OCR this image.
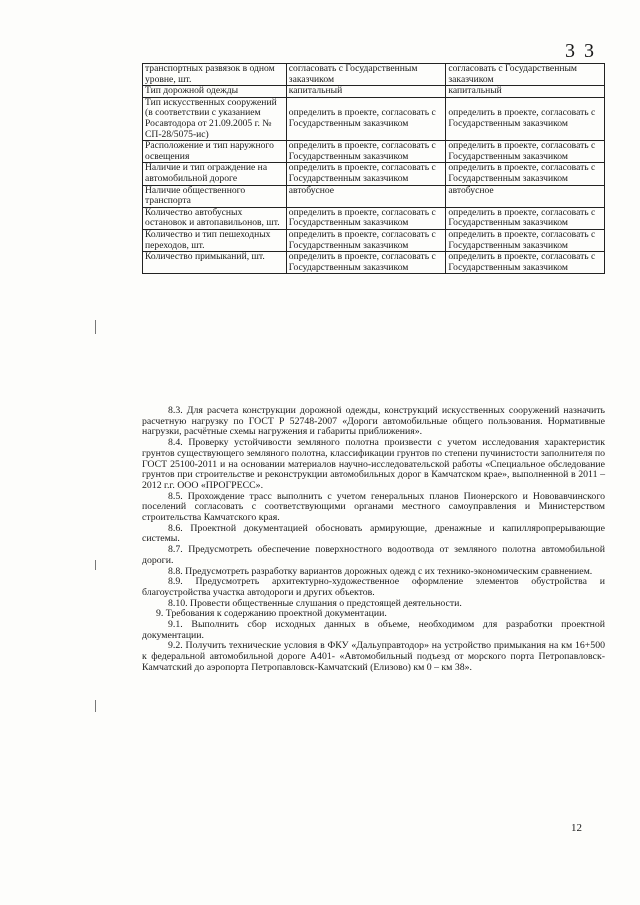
3 3
транспортных развязок в одном уровне, шт.	согласовать с Государственным заказчиком	согласовать с Государственным заказчиком
Тип дорожной одежды	капитальный	капитальный
Тип искусственных сооружений (в соответствии с указанием Росавтодора от 21.09.2005 г. № СП-28/5075-ис)	определить в проекте, согласовать с Государственным заказчиком	определить в проекте, согласовать с Государственным заказчиком
Расположение и тип наружного освещения	определить в проекте, согласовать с Государственным заказчиком	определить в проекте, согласовать с Государственным заказчиком
Наличие и тип ограждение на автомобильной дороге	определить в проекте, согласовать с Государственным заказчиком	определить в проекте, согласовать с Государственным заказчиком
Наличие общественного транспорта	автобусное	автобусное
Количество автобусных остановок и автопавильонов, шт.	определить в проекте, согласовать с Государственным заказчиком	определить в проекте, согласовать с Государственным заказчиком
Количество и тип пешеходных переходов, шт.	определить в проекте, согласовать с Государственным заказчиком	определить в проекте, согласовать с Государственным заказчиком
Количество примыканий, шт.	определить в проекте, согласовать с Государственным заказчиком	определить в проекте, согласовать с Государственным заказчиком

8.3. Для расчета конструкции дорожной одежды, конструкций искусственных сооружений назначить расчетную нагрузку по ГОСТ Р 52748-2007 «Дороги автомобильные общего пользования. Нормативные нагрузки, расчётные схемы нагружения и габариты приближения».

8.4. Проверку устойчивости земляного полотна произвести с учетом исследования характеристик грунтов существующего земляного полотна, классификации грунтов по степени пучинистости заполнителя по ГОСТ 25100-2011 и на основании материалов научно-исследовательской работы «Специальное обследование грунтов при строительстве и реконструкции автомобильных дорог в Камчатском крае», выполненной в 2011 – 2012 г.г. ООО «ПРОГРЕСС».

8.5. Прохождение трасс выполнить с учетом генеральных планов Пионерского и Нововавчинского поселений согласовать с соответствующими органами местного самоуправления и Министерством строительства Камчатского края.

8.6. Проектной документацией обосновать армирующие, дренажные и капилляропрерывающие системы.

8.7. Предусмотреть обеспечение поверхностного водоотвода от земляного полотна автомобильной дороги.

8.8. Предусмотреть разработку вариантов дорожных одежд с их технико-экономическим сравнением.

8.9. Предусмотреть архитектурно-художественное оформление элементов обустройства и благоустройства участка автодороги и других объектов.

8.10. Провести общественные слушания о предстоящей деятельности.

9. Требования к содержанию проектной документации.

9.1. Выполнить сбор исходных данных в объеме, необходимом для разработки проектной документации.

9.2. Получить технические условия в ФКУ «Дальуправтодор» на устройство примыкания на км 16+500 к федеральной автомобильной дороге А401- «Автомобильный подъезд от морского порта Петропавловск-Камчатский до аэропорта Петропавловск-Камчатский (Елизово) км 0 – км 38».

12
